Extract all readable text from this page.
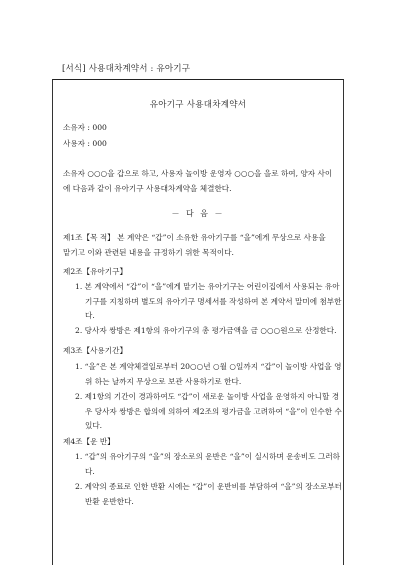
[서식] 사용대차계약서 : 유아기구
유아기구 사용대차계약서
소유자 : 000
사용자 : 000
소유자 ○○○을 갑으로 하고, 사용자 놀이방 운영자 ○○○을 을로 하여, 양자 사이에 다음과 같이 유아기구 사용대차계약을 체결한다.
－ 다 음 －
제1조【목 적】 본 계약은 “갑”이 소유한 유아기구를 “을”에게 무상으로 사용을 맡기고 이와 관련된 내용을 규정하기 위한 목적이다.
제2조【유아기구】
1. 본 계약에서 “갑”이 “을”에게 맡기는 유아기구는 어린이집에서 사용되는 유아기구를 지칭하며 별도의 유아기구 명세서를 작성하여 본 계약서 말미에 첨부한다.
2. 당사자 쌍방은 제1항의 유아기구의 총 평가금액을 금 ○○○원으로 산정한다.
제3조【사용기간】
1. “을”은 본 계약체결일로부터 20○○년 ○월 ○일까지 “갑”이 놀이방 사업을 영위 하는 날까지 무상으로 보관 사용하기로 한다.
2. 제1항의 기간이 경과하여도 “갑”이 새로운 놀이방 사업을 운영하지 아니할 경우 당사자 쌍방은 합의에 의하여 제2조의 평가금을 고려하여 “을”이 인수한 수 있다.
제4조【운 반】
1. “갑”의 유아기구의 “을”의 장소로의 운반은 “을”이 실시하며 운송비도 그러하다.
2. 계약의 종료로 인한 반환 시에는 “갑”이 운반비를 부담하여 “을”의 장소로부터 반환 운반한다.
